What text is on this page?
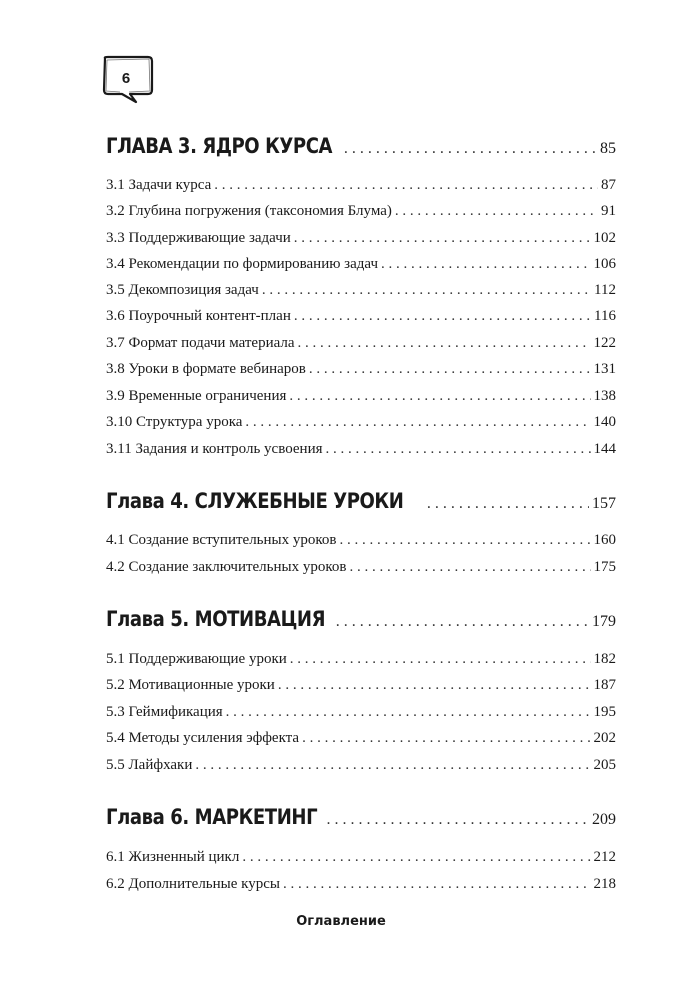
6
ГЛАВА 3. ЯДРО КУРСА . . .	85
3.1 Задачи курса . . .	87
3.2 Глубина погружения (таксономия Блума) . . .	91
3.3 Поддерживающие задачи . . .	102
3.4 Рекомендации по формированию задач . . .	106
3.5 Декомпозиция задач . . .	112
3.6 Поурочный контент-план . . .	116
3.7 Формат подачи материала . . .	122
3.8 Уроки в формате вебинаров . . .	131
3.9 Временные ограничения . . .	138
3.10 Структура урока . . .	140
3.11 Задания и контроль усвоения . . .	144
Глава 4. СЛУЖЕБНЫЕ УРОКИ . . .	157
4.1 Создание вступительных уроков . . .	160
4.2 Создание заключительных уроков . . .	175
Глава 5. МОТИВАЦИЯ . . .	179
5.1 Поддерживающие уроки . . .	182
5.2 Мотивационные уроки . . .	187
5.3 Геймификация . . .	195
5.4 Методы усиления эффекта . . .	202
5.5 Лайфхаки . . .	205
Глава 6. МАРКЕТИНГ . . .	209
6.1 Жизненный цикл . . .	212
6.2 Дополнительные курсы . . .	218
Оглавление
